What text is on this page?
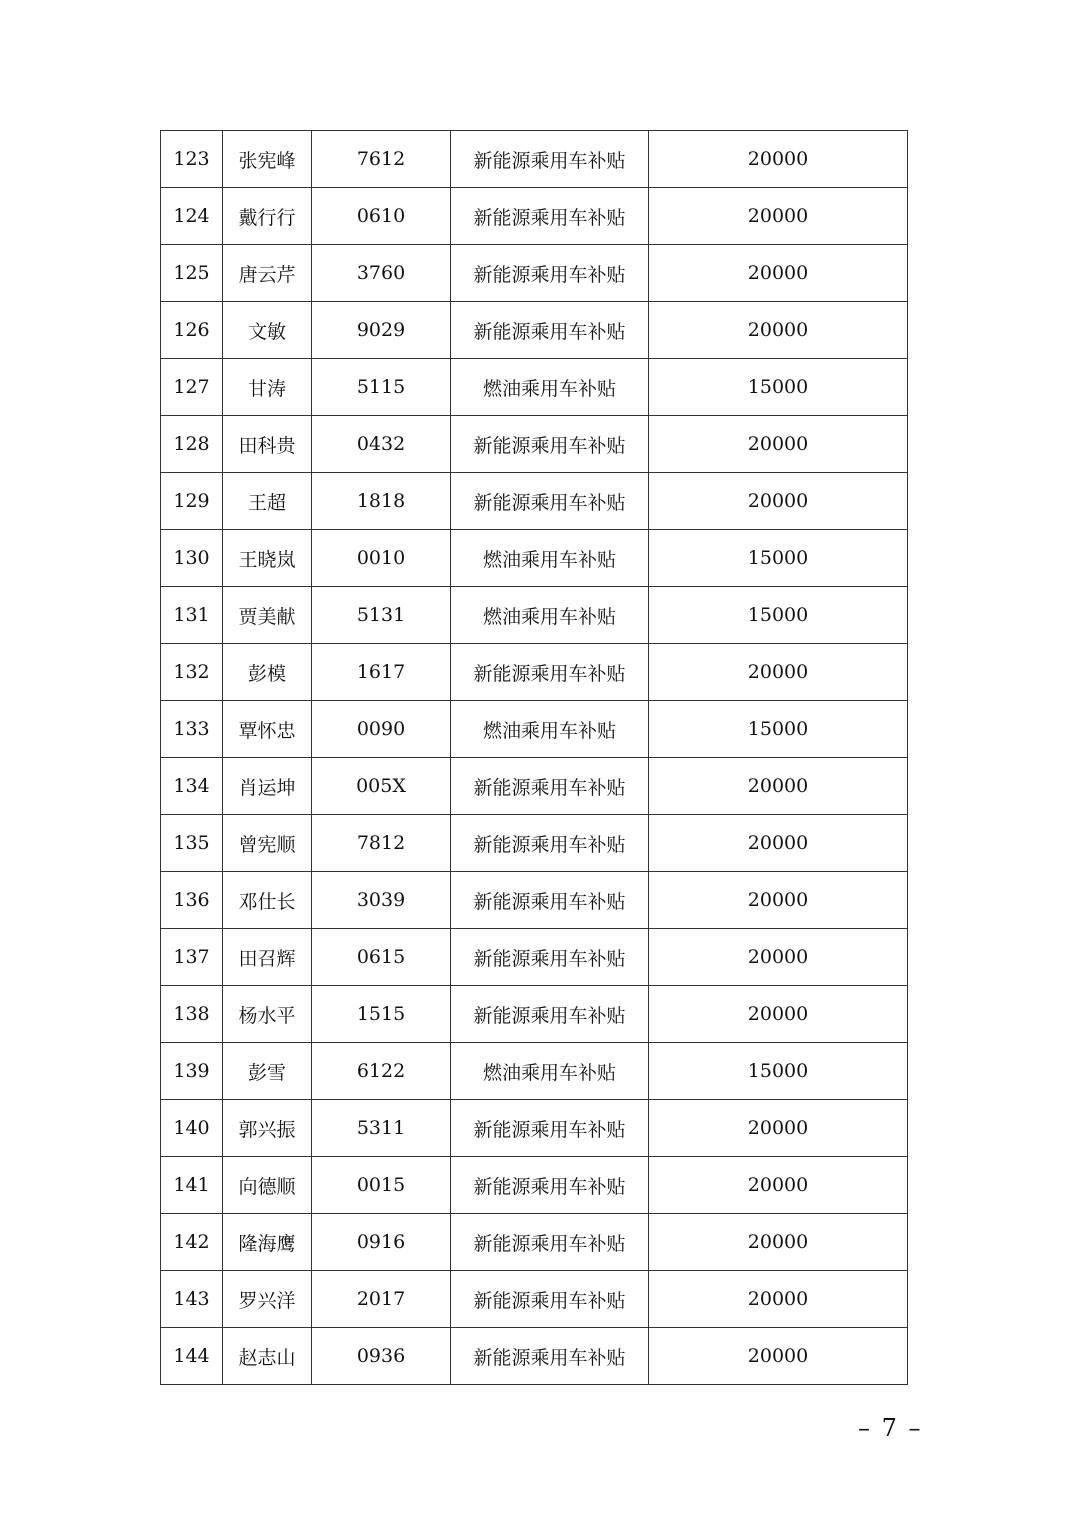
123	张宪峰	7612	新能源乘用车补贴	20000
124	戴行行	0610	新能源乘用车补贴	20000
125	唐云芹	3760	新能源乘用车补贴	20000
126	文敏	9029	新能源乘用车补贴	20000
127	甘涛	5115	燃油乘用车补贴	15000
128	田科贵	0432	新能源乘用车补贴	20000
129	王超	1818	新能源乘用车补贴	20000
130	王晓岚	0010	燃油乘用车补贴	15000
131	贾美献	5131	燃油乘用车补贴	15000
132	彭模	1617	新能源乘用车补贴	20000
133	覃怀忠	0090	燃油乘用车补贴	15000
134	肖运坤	005X	新能源乘用车补贴	20000
135	曾宪顺	7812	新能源乘用车补贴	20000
136	邓仕长	3039	新能源乘用车补贴	20000
137	田召辉	0615	新能源乘用车补贴	20000
138	杨水平	1515	新能源乘用车补贴	20000
139	彭雪	6122	燃油乘用车补贴	15000
140	郭兴振	5311	新能源乘用车补贴	20000
141	向德顺	0015	新能源乘用车补贴	20000
142	隆海鹰	0916	新能源乘用车补贴	20000
143	罗兴洋	2017	新能源乘用车补贴	20000
144	赵志山	0936	新能源乘用车补贴	20000
– 7 –
